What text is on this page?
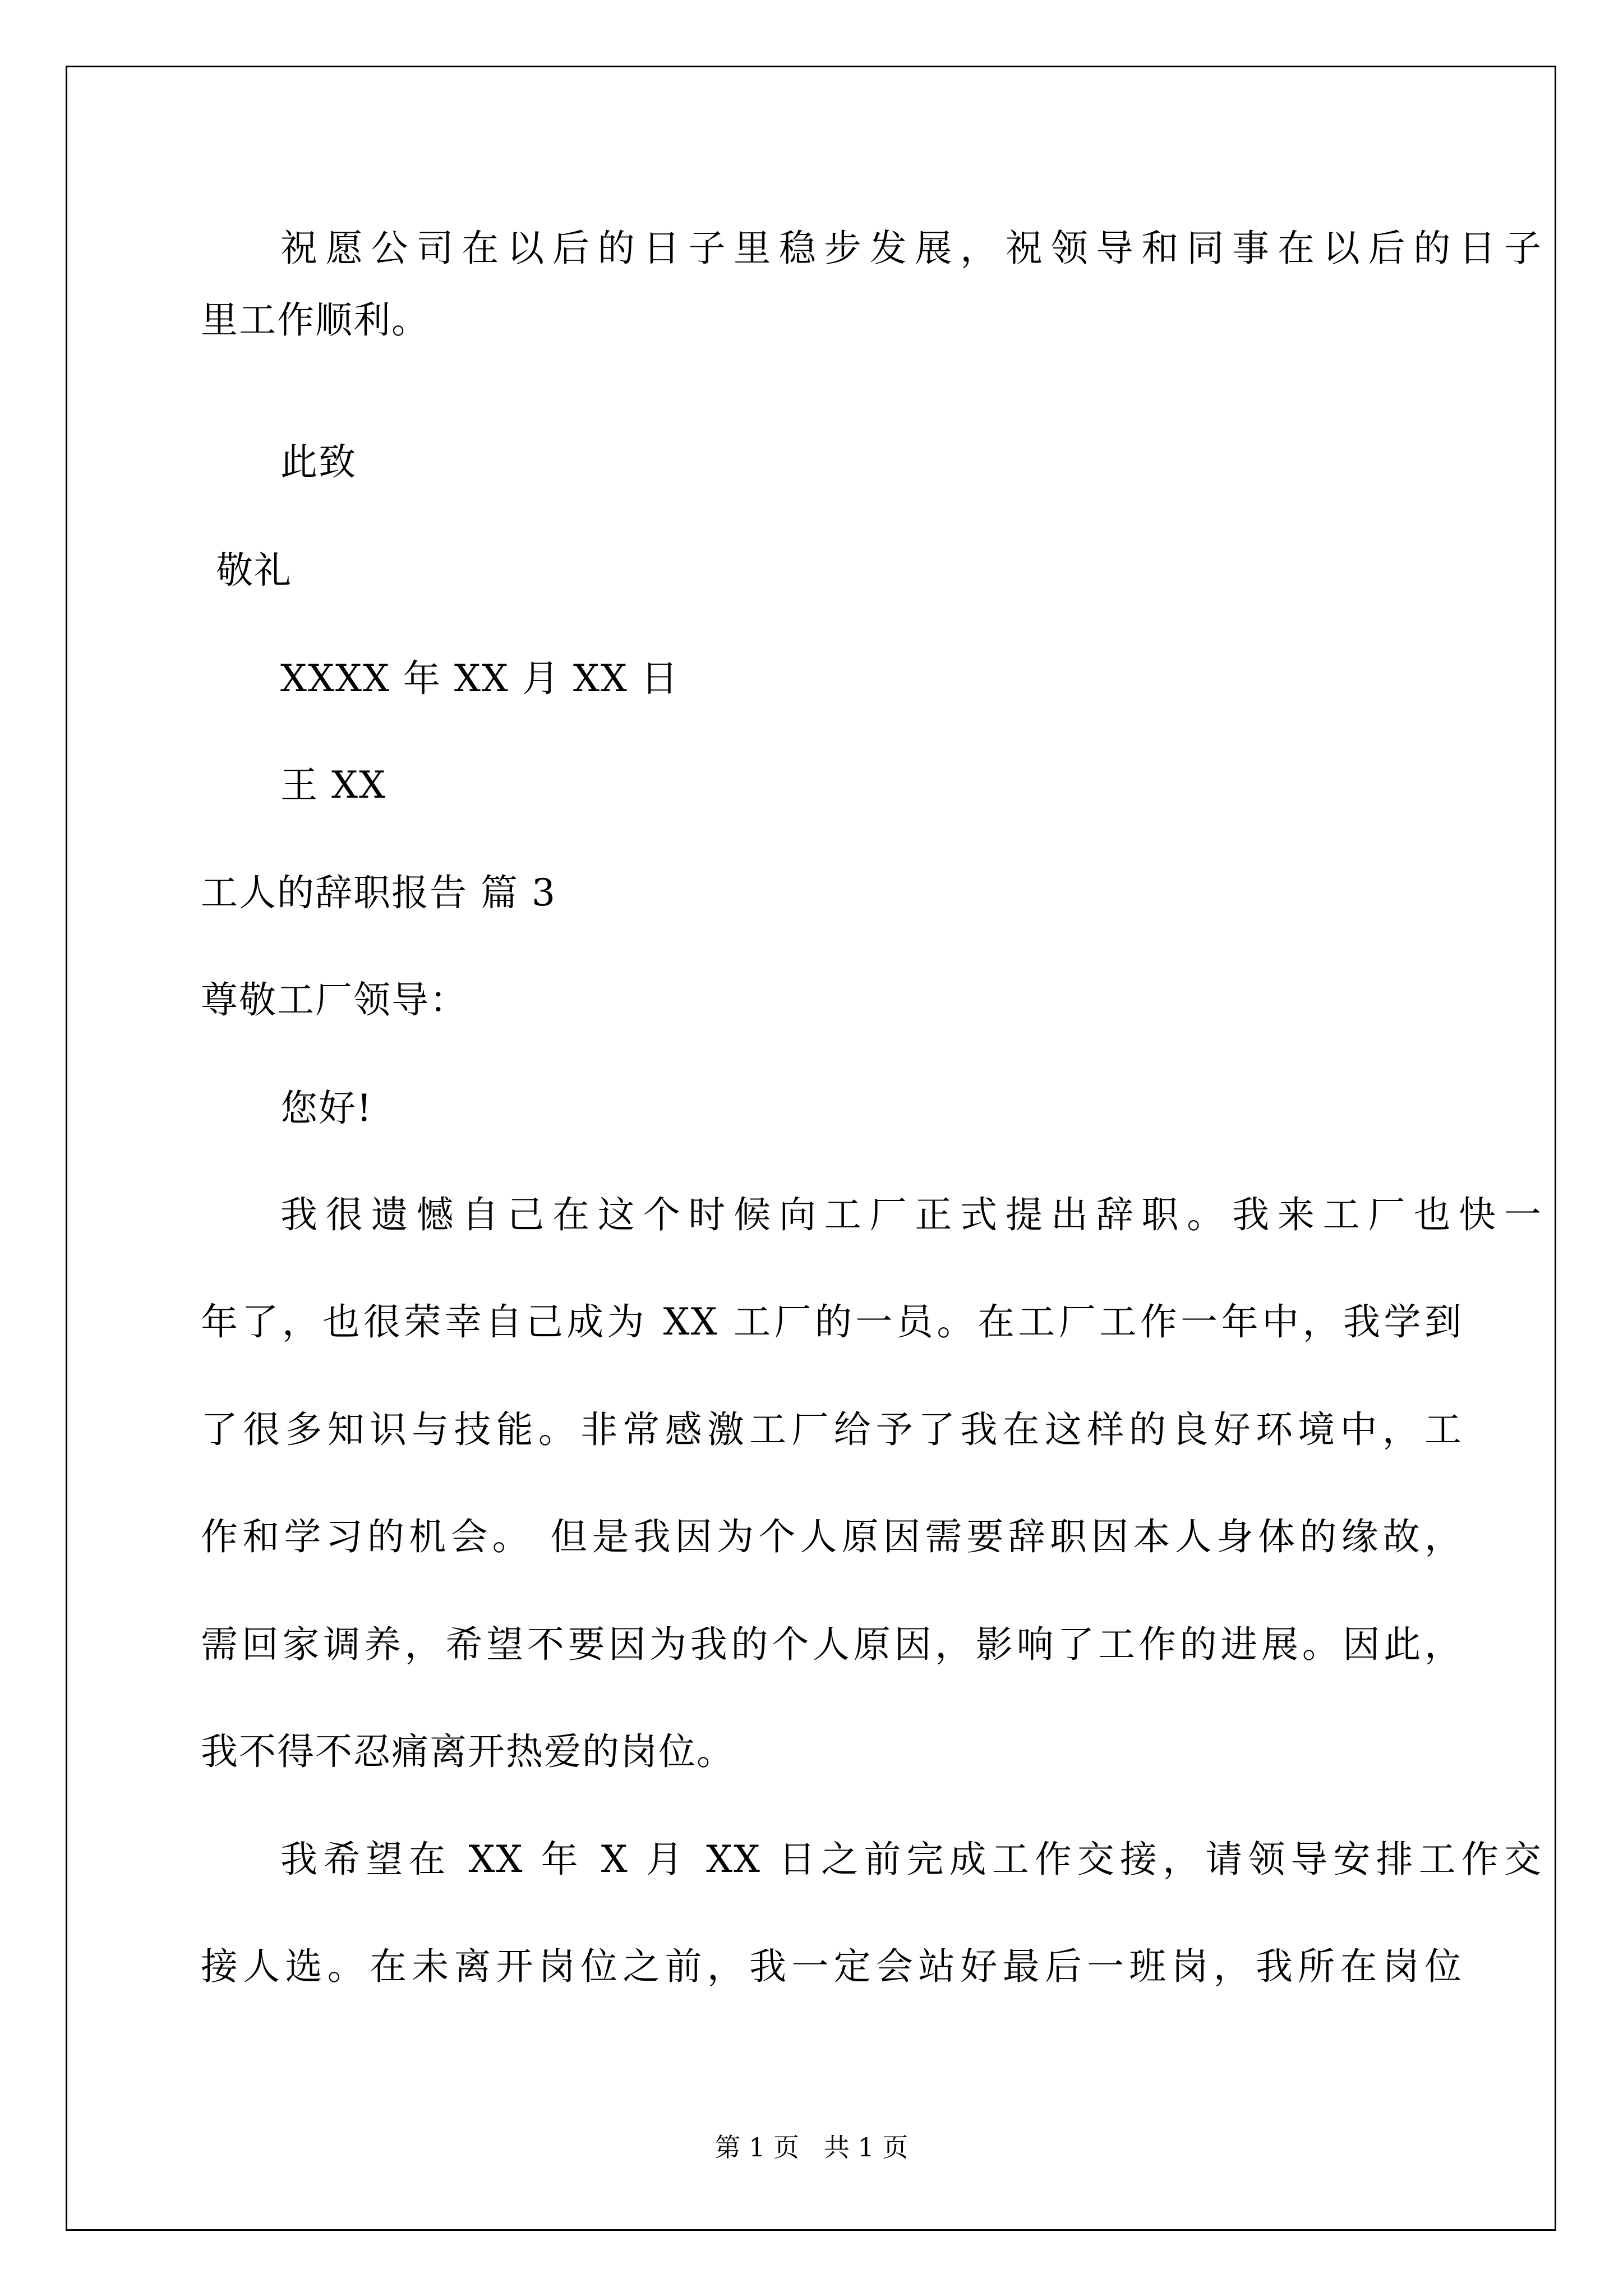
祝愿公司在以后的日子里稳步发展，祝领导和同事在以后的日子

里工作顺利。

此致

敬礼

XXXX 年 XX 月 XX 日

王 XX

工人的辞职报告 篇 3

尊敬工厂领导：

您好!

我很遗憾自己在这个时候向工厂正式提出辞职。我来工厂也快一

年了，也很荣幸自己成为 XX 工厂的一员。在工厂工作一年中，我学到

了很多知识与技能。非常感激工厂给予了我在这样的良好环境中，工

作和学习的机会。 但是我因为个人原因需要辞职因本人身体的缘故，

需回家调养，希望不要因为我的个人原因，影响了工作的进展。因此，

我不得不忍痛离开热爱的岗位。

我希望在 XX 年 X 月 XX 日之前完成工作交接，请领导安排工作交

接人选。在未离开岗位之前，我一定会站好最后一班岗，我所在岗位

第 1 页   共 1 页
